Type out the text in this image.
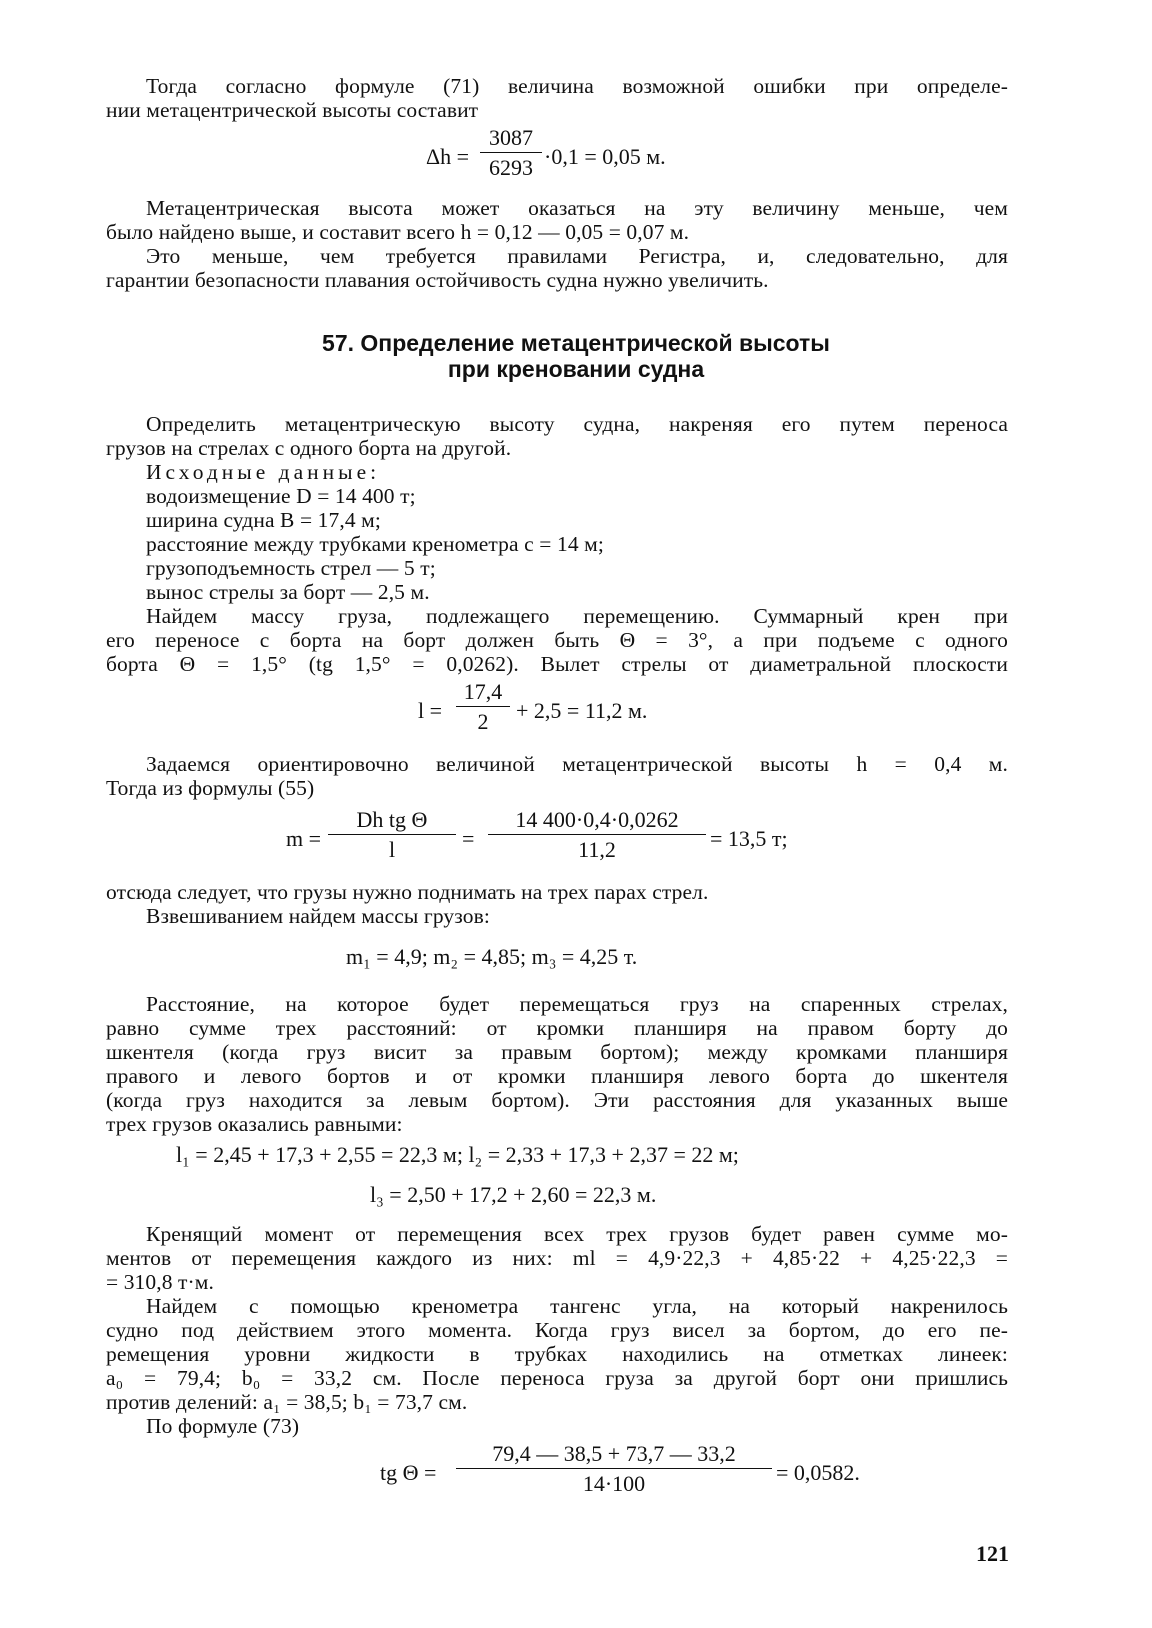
Тогда согласно формуле (71) величина возможной ошибки при определе-
нии метацентрической высоты составит
$\Delta h = \frac{3087}{6293} \cdot 0,1 = 0,05$ м.
Метацентрическая высота может оказаться на эту величину меньше, чем
было найдено выше, и составит всего h = 0,12 — 0,05 = 0,07 м.
Это меньше, чем требуется правилами Регистра, и, следовательно, для
гарантии безопасности плавания остойчивость судна нужно увеличить.
57. Определение метацентрической высоты
при креновании судна
Определить метацентрическую высоту судна, накреняя его путем переноса
грузов на стрелах с одного борта на другой.
Исходные данные:
водоизмещение D = 14 400 т;
ширина судна B = 17,4 м;
расстояние между трубками кренометра c = 14 м;
грузоподъемность стрел — 5 т;
вынос стрелы за борт — 2,5 м.
Найдем массу груза, подлежащего перемещению. Суммарный крен при
его переносе с борта на борт должен быть Θ = 3°, а при подъеме с одного
борта Θ = 1,5° (tg 1,5° = 0,0262). Вылет стрелы от диаметральной плоскости
$l = \frac{17,4}{2} + 2,5 = 11,2$ м.
Задаемся ориентировочно величиной метацентрической высоты h = 0,4 м.
Тогда из формулы (55)
$m = \frac{\text{Dh tg Θ}}{l} = \frac{14 400\cdot 0,4\cdot 0,0262}{11,2} = 13,5$ т;
отсюда следует, что грузы нужно поднимать на трех парах стрел.
Взвешиванием найдем массы грузов:
m₁ = 4,9; m₂ = 4,85; m₃ = 4,25 т.
Расстояние, на которое будет перемещаться груз на спаренных стрелах,
равно сумме трех расстояний: от кромки планширя на правом борту до
шкентеля (когда груз висит за правым бортом); между кромками планширя
правого и левого бортов и от кромки планширя левого борта до шкентеля
(когда груз находится за левым бортом). Эти расстояния для указанных выше
трех грузов оказались равными:
l₁ = 2,45 + 17,3 + 2,55 = 22,3 м; l₂ = 2,33 + 17,3 + 2,37 = 22 м;
l₃ = 2,50 + 17,2 + 2,60 = 22,3 м.
Кренящий момент от перемещения всех трех грузов будет равен сумме мо-
ментов от перемещения каждого из них: ml = 4,9·22,3 + 4,85·22 + 4,25·22,3 =
= 310,8 т·м.
Найдем с помощью кренометра тангенс угла, на который накренилось
судно под действием этого момента. Когда груз висел за бортом, до его пе-
ремещения уровни жидкости в трубках находились на отметках линеек:
a₀ = 79,4; b₀ = 33,2 см. После переноса груза за другой борт они пришлись
против делений: a₁ = 38,5; b₁ = 73,7 см.
По формуле (73)
tg $\Theta = \frac{79,4 — 38,5 + 73,7 — 33,2}{14\cdot 100} = 0,0582$.
121
